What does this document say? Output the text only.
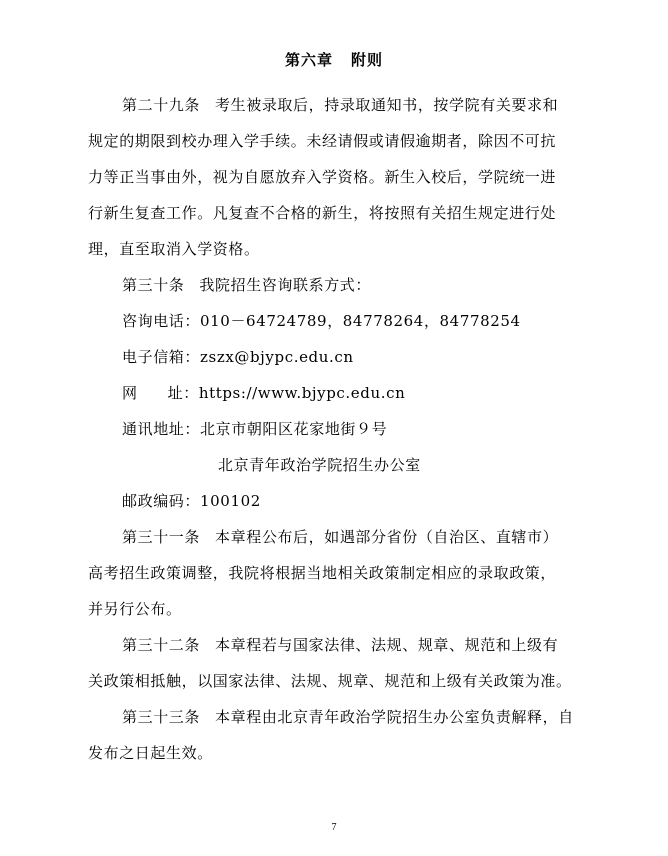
第六章 附则
第二十九条 考生被录取后，持录取通知书，按学院有关要求和
规定的期限到校办理入学手续。未经请假或请假逾期者，除因不可抗
力等正当事由外，视为自愿放弃入学资格。新生入校后，学院统一进
行新生复查工作。凡复查不合格的新生，将按照有关招生规定进行处
理，直至取消入学资格。
第三十条 我院招生咨询联系方式：
咨询电话：010－64724789，84778264，84778254
电子信箱：zszx@bjypc.edu.cn
网 址：https://www.bjypc.edu.cn
通讯地址：北京市朝阳区花家地街９号
北京青年政治学院招生办公室
邮政编码：100102
第三十一条 本章程公布后，如遇部分省份（自治区、直辖市）
高考招生政策调整，我院将根据当地相关政策制定相应的录取政策，
并另行公布。
第三十二条 本章程若与国家法律、法规、规章、规范和上级有
关政策相抵触，以国家法律、法规、规章、规范和上级有关政策为准。
第三十三条 本章程由北京青年政治学院招生办公室负责解释，自
发布之日起生效。
7
